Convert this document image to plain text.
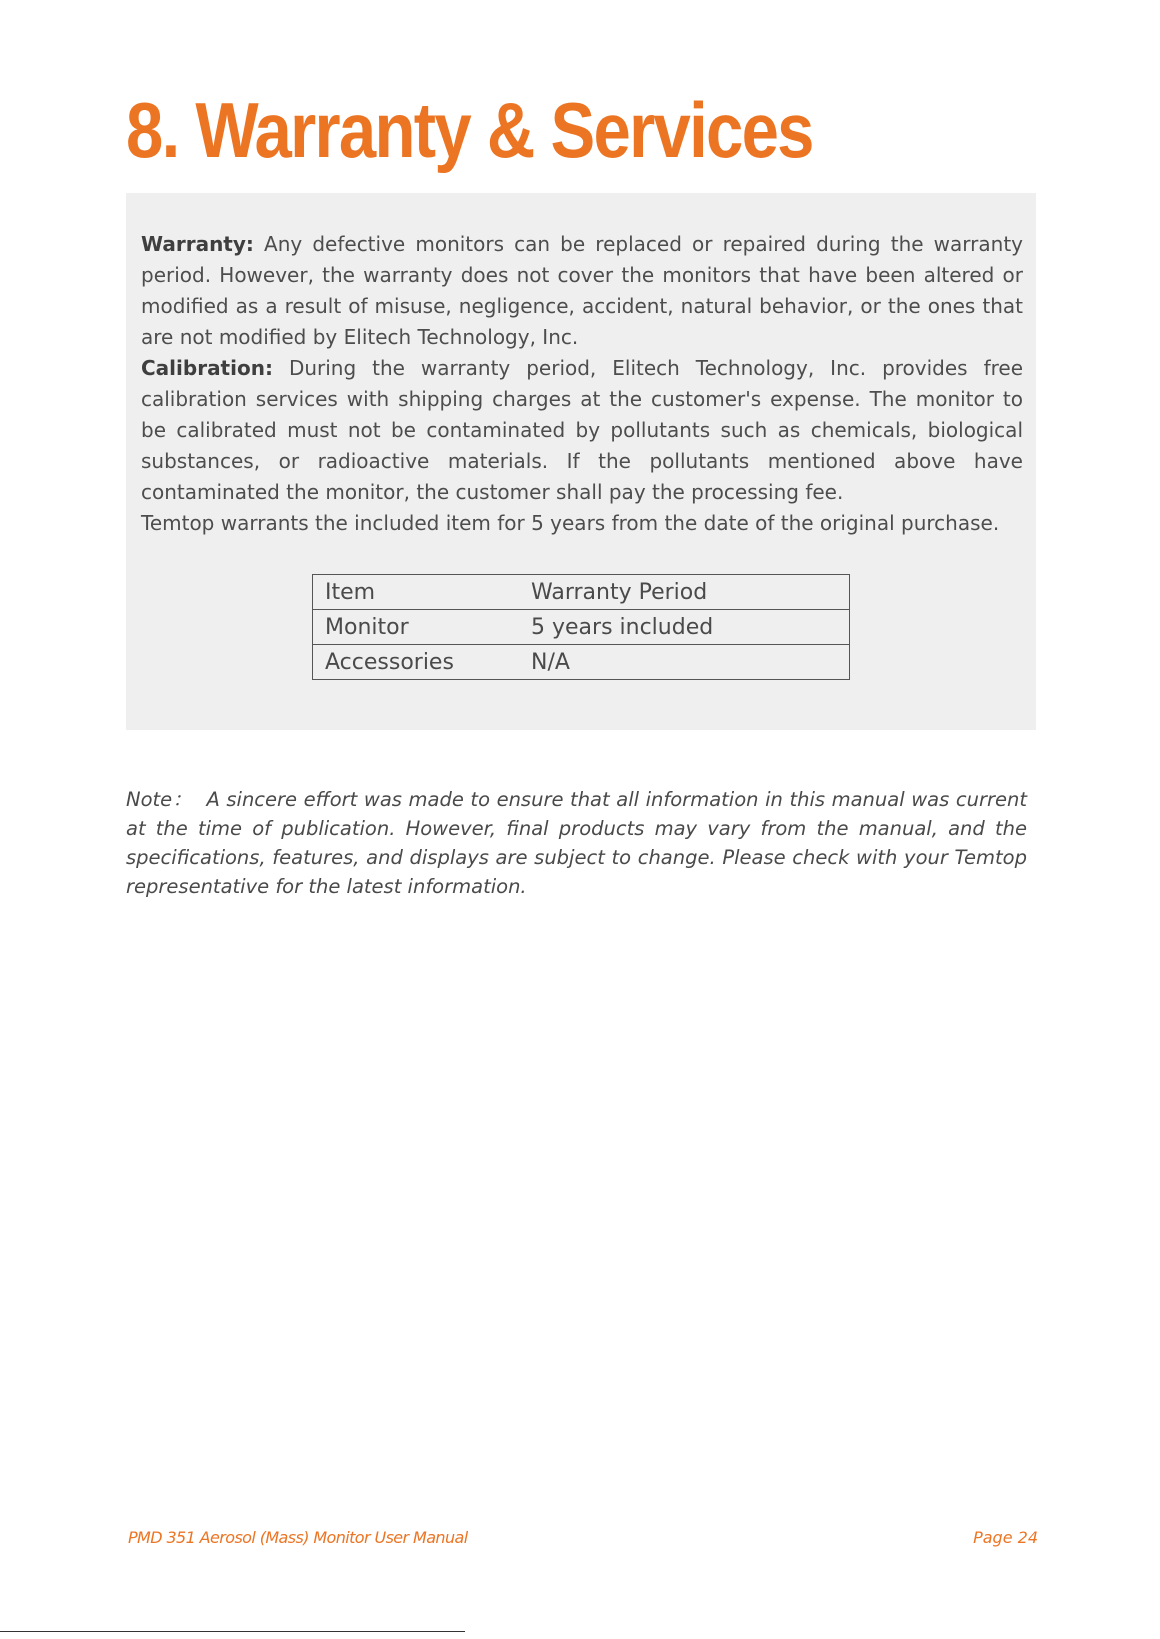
8. Warranty & Services

Warranty: Any defective monitors can be replaced or repaired during the warranty period. However, the warranty does not cover the monitors that have been altered or modified as a result of misuse, negligence, accident, natural behavior, or the ones that are not modified by Elitech Technology, Inc.

Calibration: During the warranty period, Elitech Technology, Inc. provides free calibration services with shipping charges at the customer's expense. The monitor to be calibrated must not be contaminated by pollutants such as chemicals, biological substances, or radioactive materials. If the pollutants mentioned above have contaminated the monitor, the customer shall pay the processing fee.

Temtop warrants the included item for 5 years from the date of the original purchase.

Item	Warranty Period
Monitor	5 years included
Accessories	N/A

Note： A sincere effort was made to ensure that all information in this manual was current at the time of publication. However, final products may vary from the manual, and the specifications, features, and displays are subject to change. Please check with your Temtop representative for the latest information.

PMD 351 Aerosol (Mass) Monitor User Manual	Page 24
